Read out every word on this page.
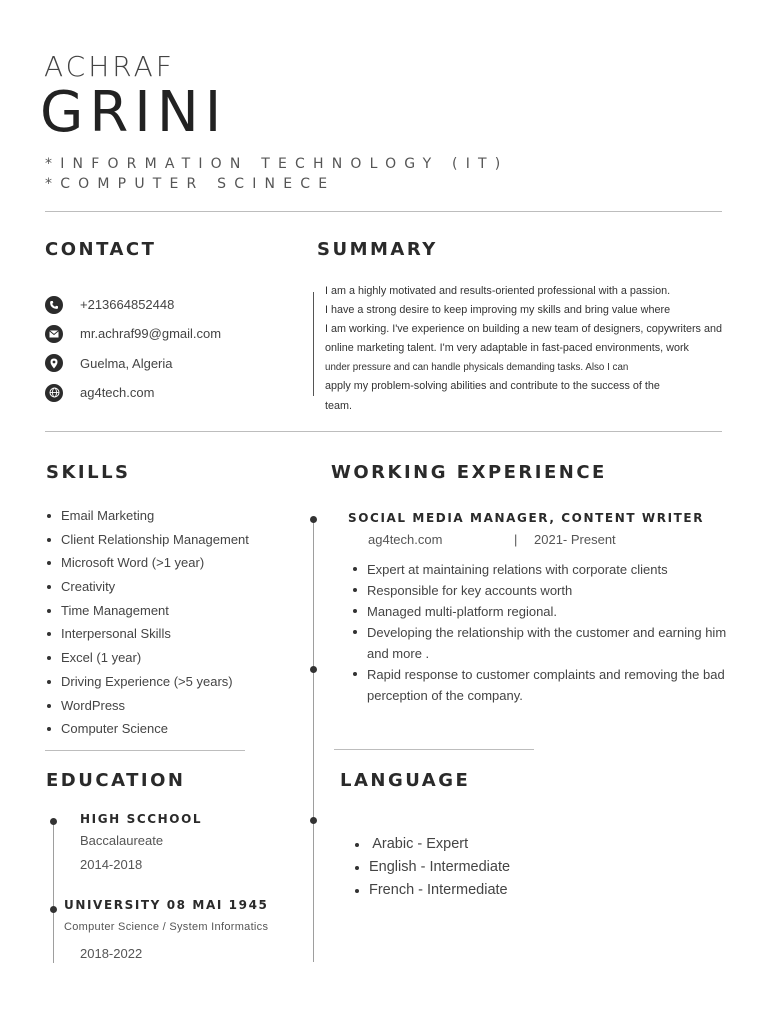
ACHRAF
GRINI
*INFORMATION TECHNOLOGY (IT)
*COMPUTER SCINECE
CONTACT
+213664852448
mr.achraf99@gmail.com
Guelma, Algeria
ag4tech.com
SUMMARY
I am a highly motivated and results-oriented professional with a passion.
I have a strong desire to keep improving my skills and bring value where
I am working. I've experience on building a new team of designers, copywriters and
online marketing talent. I'm very adaptable in fast-paced environments, work
under pressure and can handle physicals demanding tasks. Also I can
apply my problem-solving abilities and contribute to the success of the
team.
SKILLS
Email Marketing
Client Relationship Management
Microsoft Word (>1 year)
Creativity
Time Management
Interpersonal Skills
Excel (1 year)
Driving Experience (>5 years)
WordPress
Computer Science
WORKING EXPERIENCE
SOCIAL MEDIA MANAGER, CONTENT WRITER
ag4tech.com	| 2021- Present
Expert at maintaining relations with corporate clients
Responsible for key accounts worth
Managed multi-platform regional.
Developing the relationship with the customer and earning him and more .
Rapid response to customer complaints and removing the bad perception of the company.
EDUCATION
HIGH SCCHOOL
Baccalaureate
2014-2018
UNIVERSITY 08 MAI 1945
Computer Science / System Informatics
2018-2022
LANGUAGE
Arabic - Expert
English - Intermediate
French - Intermediate
